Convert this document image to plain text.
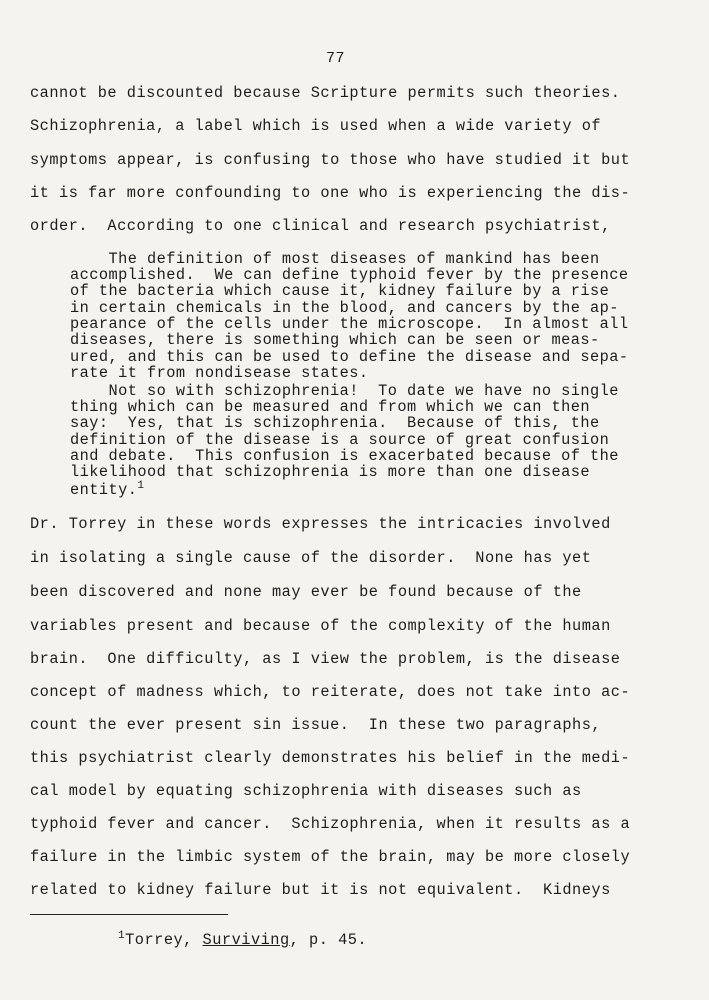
77
cannot be discounted because Scripture permits such theories.
Schizophrenia, a label which is used when a wide variety of
symptoms appear, is confusing to those who have studied it but
it is far more confounding to one who is experiencing the dis-
order.  According to one clinical and research psychiatrist,
The definition of most diseases of mankind has been
accomplished.  We can define typhoid fever by the presence
of the bacteria which cause it, kidney failure by a rise
in certain chemicals in the blood, and cancers by the ap-
pearance of the cells under the microscope.  In almost all
diseases, there is something which can be seen or meas-
ured, and this can be used to define the disease and sepa-
rate it from nondisease states.
Not so with schizophrenia!  To date we have no single
thing which can be measured and from which we can then
say:  Yes, that is schizophrenia.  Because of this, the
definition of the disease is a source of great confusion
and debate.  This confusion is exacerbated because of the
likelihood that schizophrenia is more than one disease
entity.$^1$
Dr. Torrey in these words expresses the intricacies involved
in isolating a single cause of the disorder.  None has yet
been discovered and none may ever be found because of the
variables present and because of the complexity of the human
brain.  One difficulty, as I view the problem, is the disease
concept of madness which, to reiterate, does not take into ac-
count the ever present sin issue.  In these two paragraphs,
this psychiatrist clearly demonstrates his belief in the medi-
cal model by equating schizophrenia with diseases such as
typhoid fever and cancer.  Schizophrenia, when it results as a
failure in the limbic system of the brain, may be more closely
related to kidney failure but it is not equivalent.  Kidneys
$^1$Torrey, Surviving, p. 45.
